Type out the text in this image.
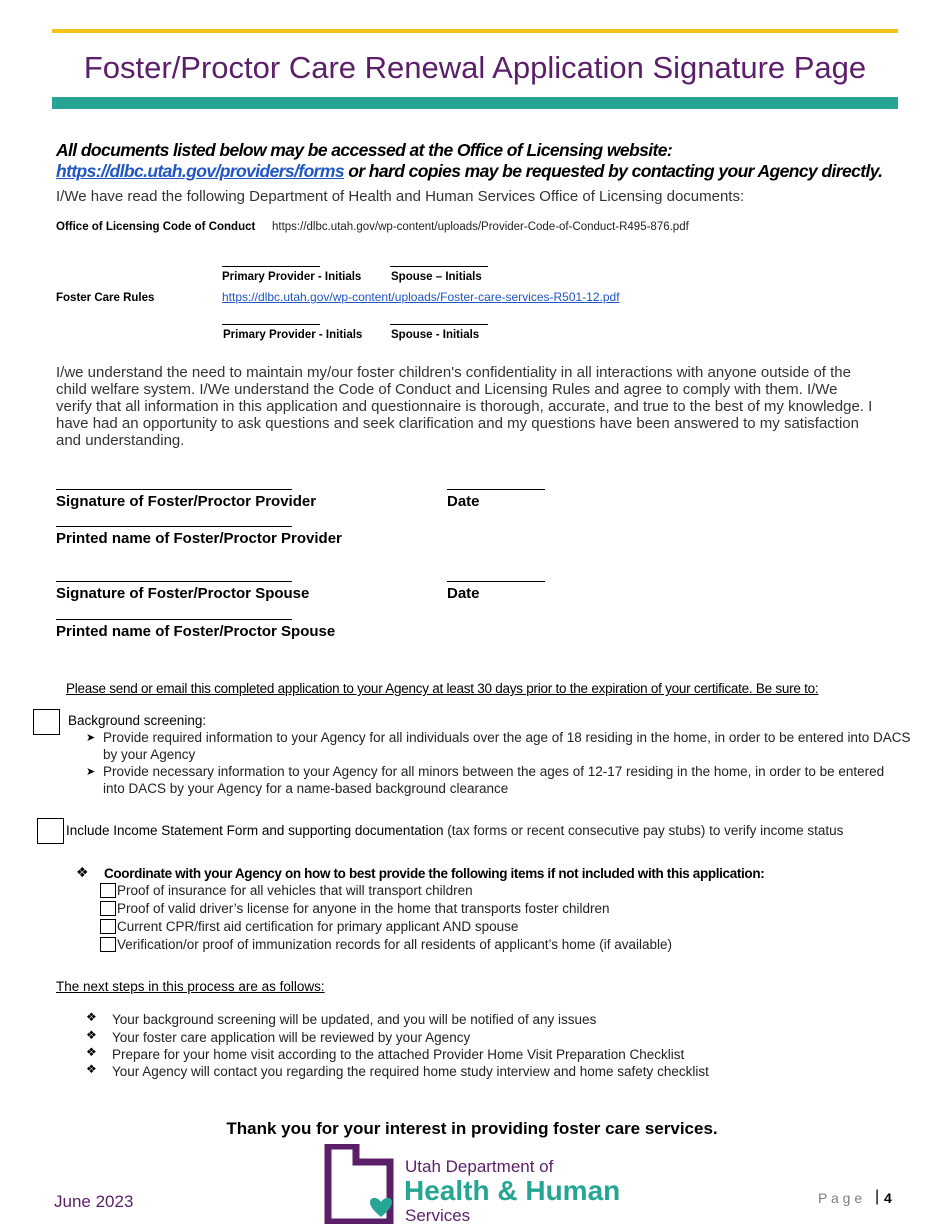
Foster/Proctor Care Renewal Application Signature Page
All documents listed below may be accessed at the Office of Licensing website: https://dlbc.utah.gov/providers/forms or hard copies may be requested by contacting your Agency directly.
I/We have read the following Department of Health and Human Services Office of Licensing documents:
Office of Licensing Code of Conduct https://dlbc.utah.gov/wp-content/uploads/Provider-Code-of-Conduct-R495-876.pdf
Primary Provider - Initials	Spouse – Initials
Foster Care Rules	https://dlbc.utah.gov/wp-content/uploads/Foster-care-services-R501-12.pdf
Primary Provider - Initials Spouse - Initials
I/we understand the need to maintain my/our foster children's confidentiality in all interactions with anyone outside of the child welfare system. I/We understand the Code of Conduct and Licensing Rules and agree to comply with them. I/We verify that all information in this application and questionnaire is thorough, accurate, and true to the best of my knowledge. I have had an opportunity to ask questions and seek clarification and my questions have been answered to my satisfaction and understanding.
Signature of Foster/Proctor Provider	Date
Printed name of Foster/Proctor Provider
Signature of Foster/Proctor Spouse	Date
Printed name of Foster/Proctor Spouse
Please send or email this completed application to your Agency at least 30 days prior to the expiration of your certificate. Be sure to:
Background screening:
➤ Provide required information to your Agency for all individuals over the age of 18 residing in the home, in order to be entered into DACS by your Agency
➤ Provide necessary information to your Agency for all minors between the ages of 12-17 residing in the home, in order to be entered into DACS by your Agency for a name-based background clearance
Include Income Statement Form and supporting documentation (tax forms or recent consecutive pay stubs) to verify income status
❖ Coordinate with your Agency on how to best provide the following items if not included with this application:
Proof of insurance for all vehicles that will transport children
Proof of valid driver’s license for anyone in the home that transports foster children
Current CPR/first aid certification for primary applicant AND spouse
Verification/or proof of immunization records for all residents of applicant’s home (if available)
The next steps in this process are as follows:
❖ Your background screening will be updated, and you will be notified of any issues
❖ Your foster care application will be reviewed by your Agency
❖ Prepare for your home visit according to the attached Provider Home Visit Preparation Checklist
❖ Your Agency will contact you regarding the required home study interview and home safety checklist
Thank you for your interest in providing foster care services.
June 2023
Utah Department of
Health & Human
Services
P a g e | 4
